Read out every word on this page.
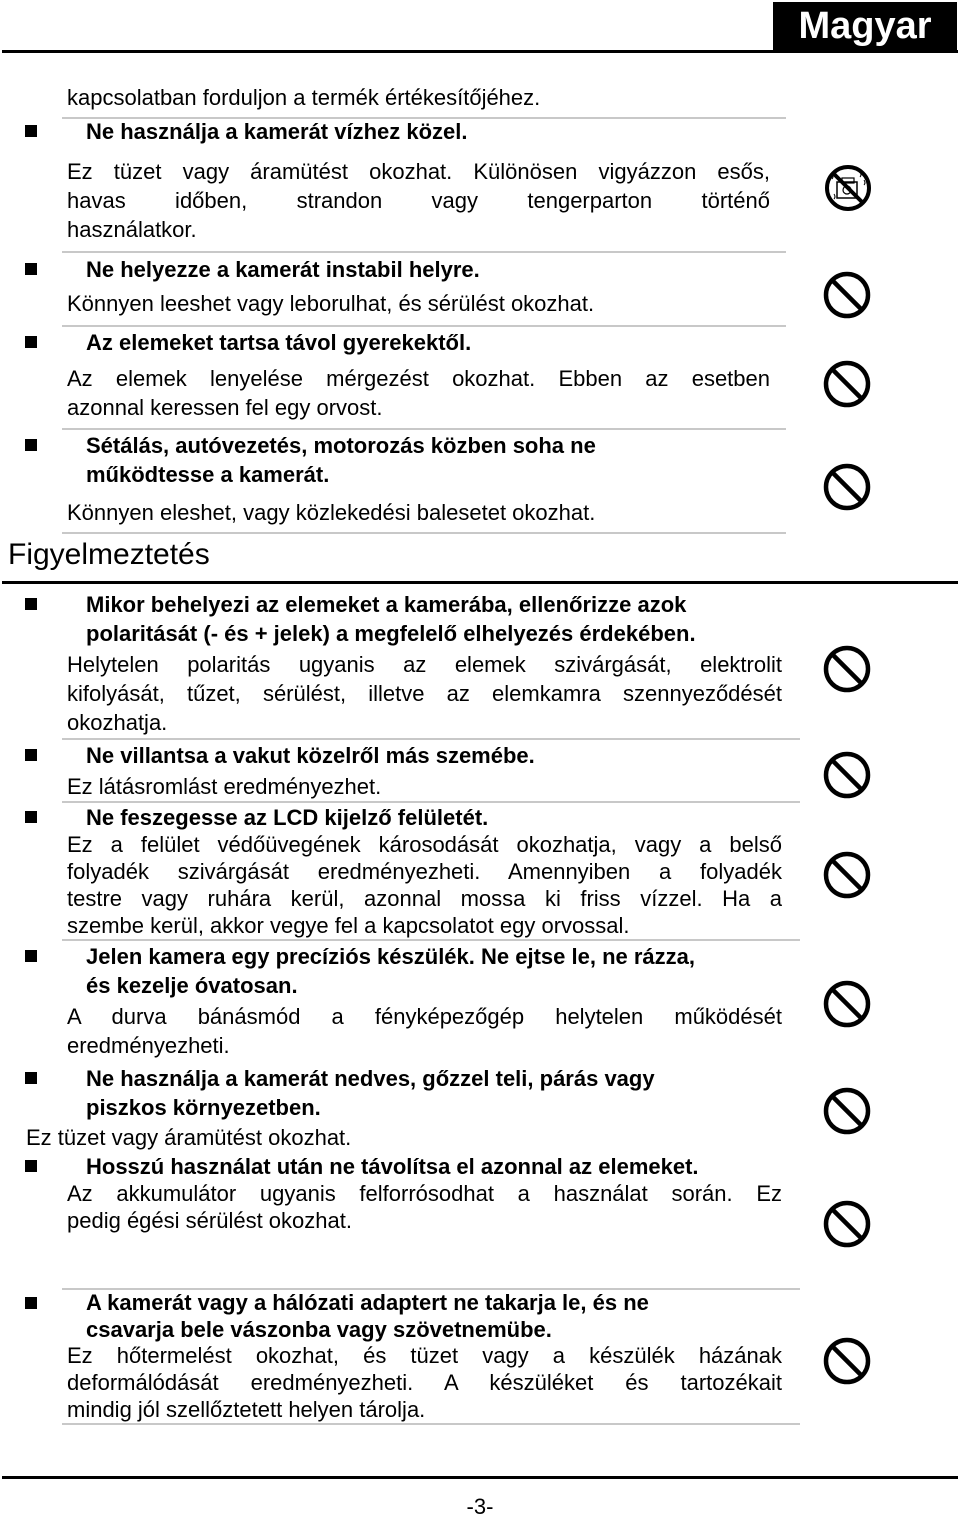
Magyar
kapcsolatban forduljon a termék értékesítőjéhez.
Ne használja a kamerát vízhez közel.
Ez tüzet vagy áramütést okozhat. Különösen vigyázzon esős,
havas időben, strandon vagy tengerparton történő
használatkor.
Ne helyezze a kamerát instabil helyre.
Könnyen leeshet vagy leborulhat, és sérülést okozhat.
Az elemeket tartsa távol gyerekektől.
Az elemek lenyelése mérgezést okozhat. Ebben az esetben
azonnal keressen fel egy orvost.
Sétálás, autóvezetés, motorozás közben soha ne
működtesse a kamerát.
Könnyen eleshet, vagy közlekedési balesetet okozhat.
Figyelmeztetés
Mikor behelyezi az elemeket a kamerába, ellenőrizze azok
polaritását (- és + jelek) a megfelelő elhelyezés érdekében.
Helytelen polaritás ugyanis az elemek szivárgását, elektrolit
kifolyását, tűzet, sérülést, illetve az elemkamra szennyeződését
okozhatja.
Ne villantsa a vakut közelről más szemébe.
Ez látásromlást eredményezhet.
Ne feszegesse az LCD kijelző felületét.
Ez a felület védőüvegének károsodását okozhatja, vagy a belső
folyadék szivárgását eredményezheti. Amennyiben a folyadék
testre vagy ruhára kerül, azonnal mossa ki friss vízzel. Ha a
szembe kerül, akkor vegye fel a kapcsolatot egy orvossal.
Jelen kamera egy precíziós készülék. Ne ejtse le, ne rázza,
és kezelje óvatosan.
A durva bánásmód a fényképezőgép helytelen működését
eredményezheti.
Ne használja a kamerát nedves, gőzzel teli, párás vagy
piszkos környezetben.
Ez tüzet vagy áramütést okozhat.
Hosszú használat után ne távolítsa el azonnal az elemeket.
Az akkumulátor ugyanis felforrósodhat a használat során. Ez
pedig égési sérülést okozhat.
A kamerát vagy a hálózati adaptert ne takarja le, és ne
csavarja bele vászonba vagy szövetnemübe.
Ez hőtermelést okozhat, és tüzet vagy a készülék házának
deformálódását eredményezheti. A készüléket és tartozékait
mindig jól szellőztetett helyen tárolja.
-3-
